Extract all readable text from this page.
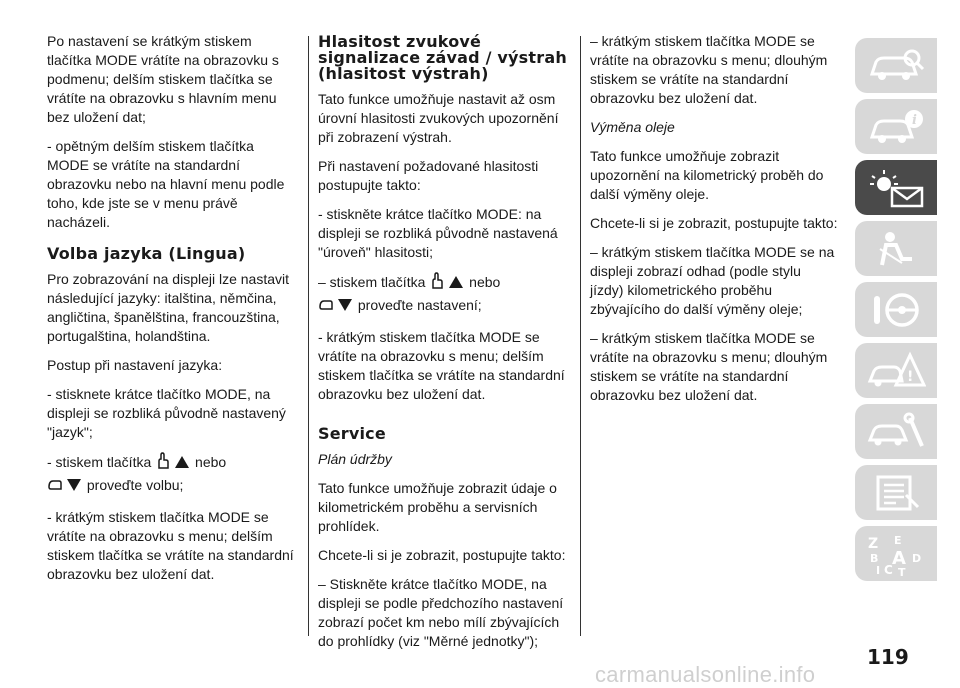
Po nastavení se krátkým stiskem tlačítka MODE vrátíte na obrazovku s podmenu; delším stiskem tlačítka se vrátíte na obrazovku s hlavním menu bez uložení dat;

- opětným delším stiskem tlačítka MODE se vrátíte na standardní obrazovku nebo na hlavní menu podle toho, kde jste se v menu právě nacházeli.

Volba jazyka (Lingua)

Pro zobrazování na displeji lze nastavit následující jazyky: italština, němčina, angličtina, španělština, francouzština, portugalština, holandština.

Postup při nastavení jazyka:

- stisknete krátce tlačítko MODE, na displeji se rozbliká původně nastavený "jazyk";

- stiskem tlačítka	nebo
proveďte volbu;

- krátkým stiskem tlačítka MODE se vrátíte na obrazovku s menu; delším stiskem tlačítka se vrátíte na standardní obrazovku bez uložení dat.

Hlasitost zvukové signalizace závad / výstrah (hlasitost výstrah)

Tato funkce umožňuje nastavit až osm úrovní hlasitosti zvukových upozornění při zobrazení výstrah.

Při nastavení požadované hlasitosti postupujte takto:

- stiskněte krátce tlačítko MODE: na displeji se rozbliká původně nastavená "úroveň" hlasitosti;

– stiskem tlačítka	nebo
proveďte nastavení;

- krátkým stiskem tlačítka MODE se vrátíte na obrazovku s menu; delším stiskem tlačítka se vrátíte na standardní obrazovku bez uložení dat.

Service

Plán údržby

Tato funkce umožňuje zobrazit údaje o kilometrickém proběhu a servisních prohlídek.

Chcete-li si je zobrazit, postupujte takto:

– Stiskněte krátce tlačítko MODE, na displeji se podle předchozího nastavení zobrazí počet km nebo mílí zbývajících do prohlídky (viz "Měrné jednotky");

– krátkým stiskem tlačítka MODE se vrátíte na obrazovku s menu; dlouhým stiskem se vrátíte na standardní obrazovku bez uložení dat.

Výměna oleje

Tato funkce umožňuje zobrazit upozornění na kilometrický proběh do další výměny oleje.

Chcete-li si je zobrazit, postupujte takto:

– krátkým stiskem tlačítka MODE se na displeji zobrazí odhad (podle stylu jízdy) kilometrického proběhu zbývajícího do další výměny oleje;

– krátkým stiskem tlačítka MODE se vrátíte na obrazovku s menu; dlouhým stiskem se vrátíte na standardní obrazovku bez uložení dat.

i
!
Z E
B A D
I C T
119
carmanualsonline.info
